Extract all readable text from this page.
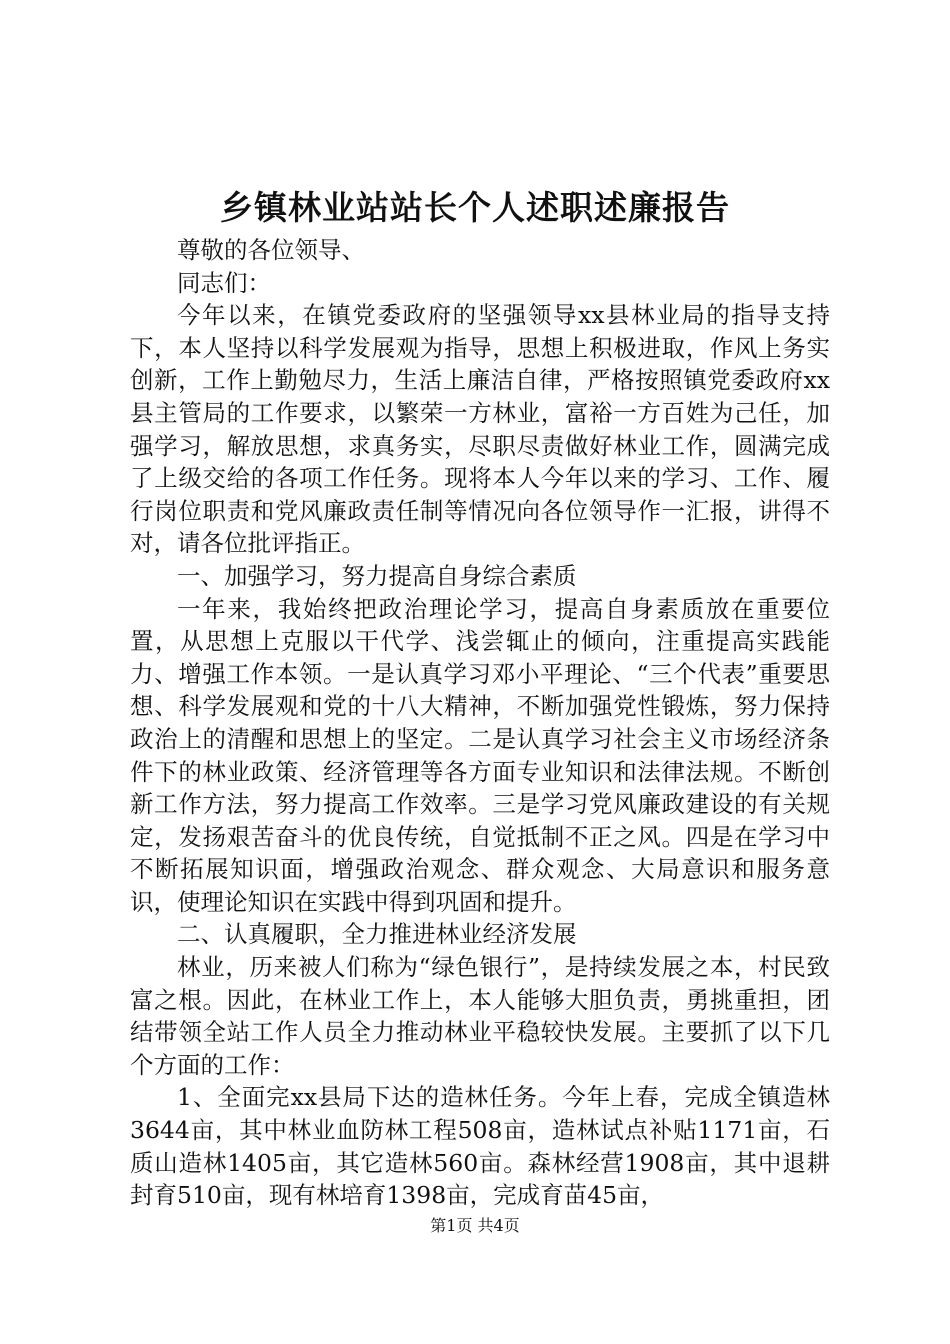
乡镇林业站站长个人述职述廉报告

尊敬的各位领导、

同志们：

今年以来，在镇党委政府的坚强领导xx县林业局的指导支持下，本人坚持以科学发展观为指导，思想上积极进取，作风上务实创新，工作上勤勉尽力，生活上廉洁自律，严格按照镇党委政府xx县主管局的工作要求，以繁荣一方林业，富裕一方百姓为己任，加强学习，解放思想，求真务实，尽职尽责做好林业工作，圆满完成了上级交给的各项工作任务。现将本人今年以来的学习、工作、履行岗位职责和党风廉政责任制等情况向各位领导作一汇报，讲得不对，请各位批评指正。

一、加强学习，努力提高自身综合素质

一年来，我始终把政治理论学习，提高自身素质放在重要位置，从思想上克服以干代学、浅尝辄止的倾向，注重提高实践能力、增强工作本领。一是认真学习邓小平理论、“三个代表”重要思想、科学发展观和党的十八大精神，不断加强党性锻炼，努力保持政治上的清醒和思想上的坚定。二是认真学习社会主义市场经济条件下的林业政策、经济管理等各方面专业知识和法律法规。不断创新工作方法，努力提高工作效率。三是学习党风廉政建设的有关规定，发扬艰苦奋斗的优良传统，自觉抵制不正之风。四是在学习中不断拓展知识面，增强政治观念、群众观念、大局意识和服务意识，使理论知识在实践中得到巩固和提升。

二、认真履职，全力推进林业经济发展

林业，历来被人们称为“绿色银行”，是持续发展之本，村民致富之根。因此，在林业工作上，本人能够大胆负责，勇挑重担，团结带领全站工作人员全力推动林业平稳较快发展。主要抓了以下几个方面的工作：

1、全面完xx县局下达的造林任务。今年上春，完成全镇造林3644亩，其中林业血防林工程508亩，造林试点补贴1171亩，石质山造林1405亩，其它造林560亩。森林经营1908亩，其中退耕封育510亩，现有林培育1398亩，完成育苗45亩，

第1页 共4页
